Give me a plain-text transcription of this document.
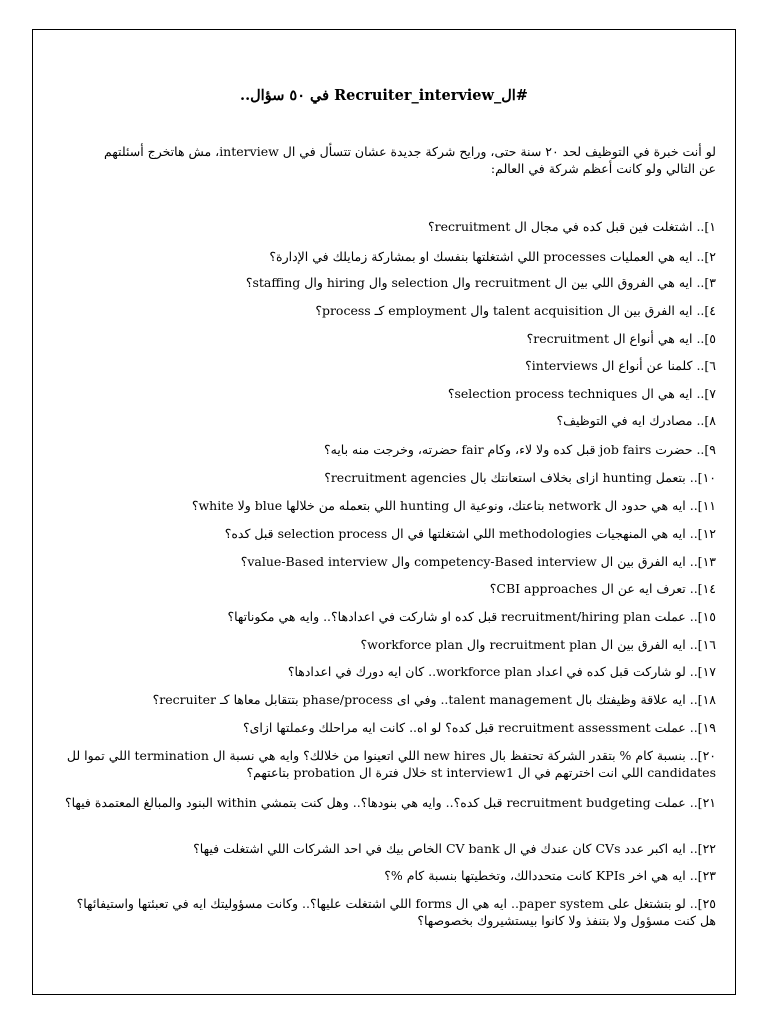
#ال_Recruiter_interview في ٥٠ سؤال..
لو أنت خبرة في التوظيف لحد ٢٠ سنة حتى، ورايح شركة جديدة عشان تتسأل في ال interview، مش هاتخرج أسئلتهم عن التالي ولو كانت أعظم شركة في العالم:
١].. اشتغلت فين قبل كده في مجال ال recruitment؟
٢].. ايه هي العمليات processes اللي اشتغلتها بنفسك او بمشاركة زمايلك في الإدارة؟
٣].. ايه هي الفروق اللي بين ال recruitment وال selection وال hiring وال staffing؟
٤].. ايه الفرق بين ال talent acquisition وال employment كـ process؟
٥].. ايه هي أنواع ال recruitment؟
٦].. كلمنا عن أنواع ال interviews؟
٧].. ايه هي ال selection process techniques؟
٨].. مصادرك ايه في التوظيف؟
٩].. حضرت job fairs قبل كده ولا لاء، وكام fair حضرته، وخرجت منه بايه؟
١٠].. بتعمل hunting ازاى بخلاف استعانتك بال recruitment agencies؟
١١].. ايه هي حدود ال network بتاعتك، ونوعية ال hunting اللي بتعمله من خلالها blue ولا white؟
١٢].. ايه هي المنهجيات methodologies اللي اشتغلتها في ال selection process قبل كده؟
١٣].. ايه الفرق بين ال competency-Based interview وال value-Based interview؟
١٤].. تعرف ايه عن ال CBI approaches؟
١٥].. عملت recruitment/hiring plan قبل كده او شاركت في اعدادها؟.. وايه هي مكوناتها؟
١٦].. ايه الفرق بين ال recruitment plan وال workforce plan؟
١٧].. لو شاركت قبل كده في اعداد workforce plan.. كان ايه دورك في اعدادها؟
١٨].. ايه علاقة وظيفتك بال talent management.. وفي اى phase/process بتتقابل معاها كـ recruiter؟
١٩].. عملت recruitment assessment قبل كده؟ لو اه.. كانت ايه مراحلك وعملتها ازاى؟
٢٠].. بنسبة كام % بتقدر الشركة تحتفظ بال new hires اللي اتعينوا من خلالك؟ وايه هي نسبة ال termination اللي تموا لل candidates اللي انت اخترتهم في ال st interview1 خلال فترة ال probation بتاعتهم؟
٢١].. عملت recruitment budgeting قبل كده؟.. وايه هي بنودها؟.. وهل كنت بتمشي within البنود والمبالغ المعتمدة فيها؟
٢٢].. ايه اكبر عدد CVs كان عندك في ال CV bank الخاص بيك في احد الشركات اللي اشتغلت فيها؟
٢٣].. ايه هي اخر KPIs كانت متحددالك، وتخطيتها بنسبة كام %؟
٢٥].. لو بتشتغل على paper system.. ايه هي ال forms اللي اشتغلت عليها؟.. وكانت مسؤوليتك ايه في تعبئتها واستيفائها؟ هل كنت مسؤول ولا بتنفذ ولا كانوا بيستشيروك بخصوصها؟
